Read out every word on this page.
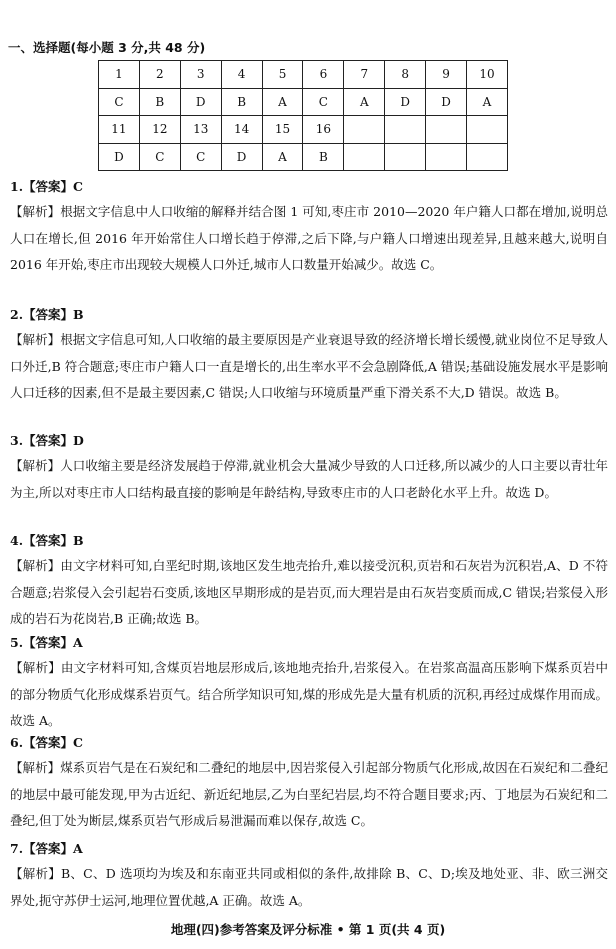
一、选择题(每小题 3 分,共 48 分)
1	2	3	4	5	6	7	8	9	10
C	B	D	B	A	C	A	D	D	A
11	12	13	14	15	16				
D	C	C	D	A	B				
1.【答案】C
【解析】根据文字信息中人口收缩的解释并结合图 1 可知,枣庄市 2010—2020 年户籍人口都在增加,说明总人口在增长,但 2016 年开始常住人口增长趋于停滞,之后下降,与户籍人口增速出现差异,且越来越大,说明自 2016 年开始,枣庄市出现较大规模人口外迁,城市人口数量开始减少。故选 C。
2.【答案】B
【解析】根据文字信息可知,人口收缩的最主要原因是产业衰退导致的经济增长增长缓慢,就业岗位不足导致人口外迁,B 符合题意;枣庄市户籍人口一直是增长的,出生率水平不会急剧降低,A 错误;基础设施发展水平是影响人口迁移的因素,但不是最主要因素,C 错误;人口收缩与环境质量严重下滑关系不大,D 错误。故选 B。
3.【答案】D
【解析】人口收缩主要是经济发展趋于停滞,就业机会大量减少导致的人口迁移,所以减少的人口主要以青壮年为主,所以对枣庄市人口结构最直接的影响是年龄结构,导致枣庄市的人口老龄化水平上升。故选 D。
4.【答案】B
【解析】由文字材料可知,白垩纪时期,该地区发生地壳抬升,难以接受沉积,页岩和石灰岩为沉积岩,A、D 不符合题意;岩浆侵入会引起岩石变质,该地区早期形成的是岩页,而大理岩是由石灰岩变质而成,C 错误;岩浆侵入形成的岩石为花岗岩,B 正确;故选 B。
5.【答案】A
【解析】由文字材料可知,含煤页岩地层形成后,该地地壳抬升,岩浆侵入。在岩浆高温高压影响下煤系页岩中的部分物质气化形成煤系岩页气。结合所学知识可知,煤的形成先是大量有机质的沉积,再经过成煤作用而成。故选 A。
6.【答案】C
【解析】煤系页岩气是在石炭纪和二叠纪的地层中,因岩浆侵入引起部分物质气化形成,故因在石炭纪和二叠纪的地层中最可能发现,甲为古近纪、新近纪地层,乙为白垩纪岩层,均不符合题目要求;丙、丁地层为石炭纪和二叠纪,但丁处为断层,煤系页岩气形成后易泄漏而难以保存,故选 C。
7.【答案】A
【解析】B、C、D 选项均为埃及和东南亚共同或相似的条件,故排除 B、C、D;埃及地处亚、非、欧三洲交界处,扼守苏伊士运河,地理位置优越,A 正确。故选 A。
地理(四)参考答案及评分标准 • 第 1 页(共 4 页)
